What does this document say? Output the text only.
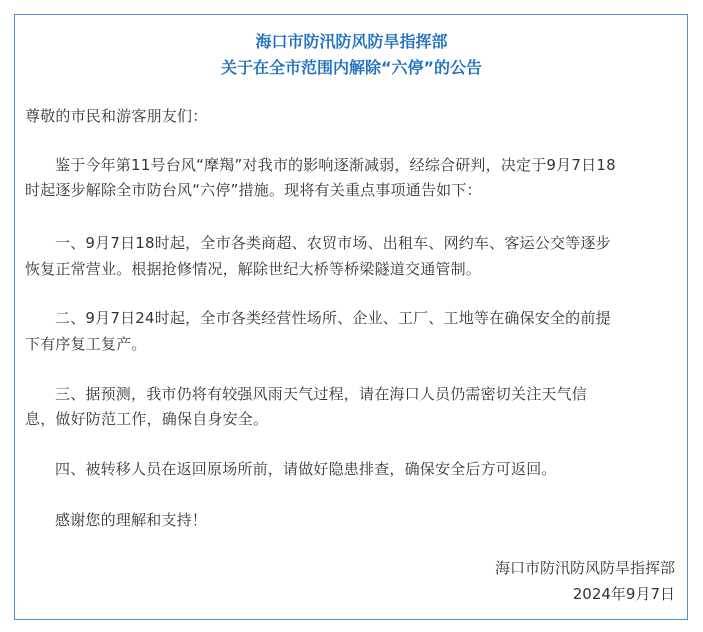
海口市防汛防风防旱指挥部
关于在全市范围内解除“六停”的公告
尊敬的市民和游客朋友们：
鉴于今年第11号台风“摩羯”对我市的影响逐渐减弱，经综合研判，决定于9月7日18
时起逐步解除全市防台风“六停”措施。现将有关重点事项通告如下：
一、9月7日18时起，全市各类商超、农贸市场、出租车、网约车、客运公交等逐步
恢复正常营业。根据抢修情况，解除世纪大桥等桥梁隧道交通管制。
二、9月7日24时起，全市各类经营性场所、企业、工厂、工地等在确保安全的前提
下有序复工复产。
三、据预测，我市仍将有较强风雨天气过程，请在海口人员仍需密切关注天气信
息，做好防范工作，确保自身安全。
四、被转移人员在返回原场所前，请做好隐患排查，确保安全后方可返回。
感谢您的理解和支持！
海口市防汛防风防旱指挥部
2024年9月7日
